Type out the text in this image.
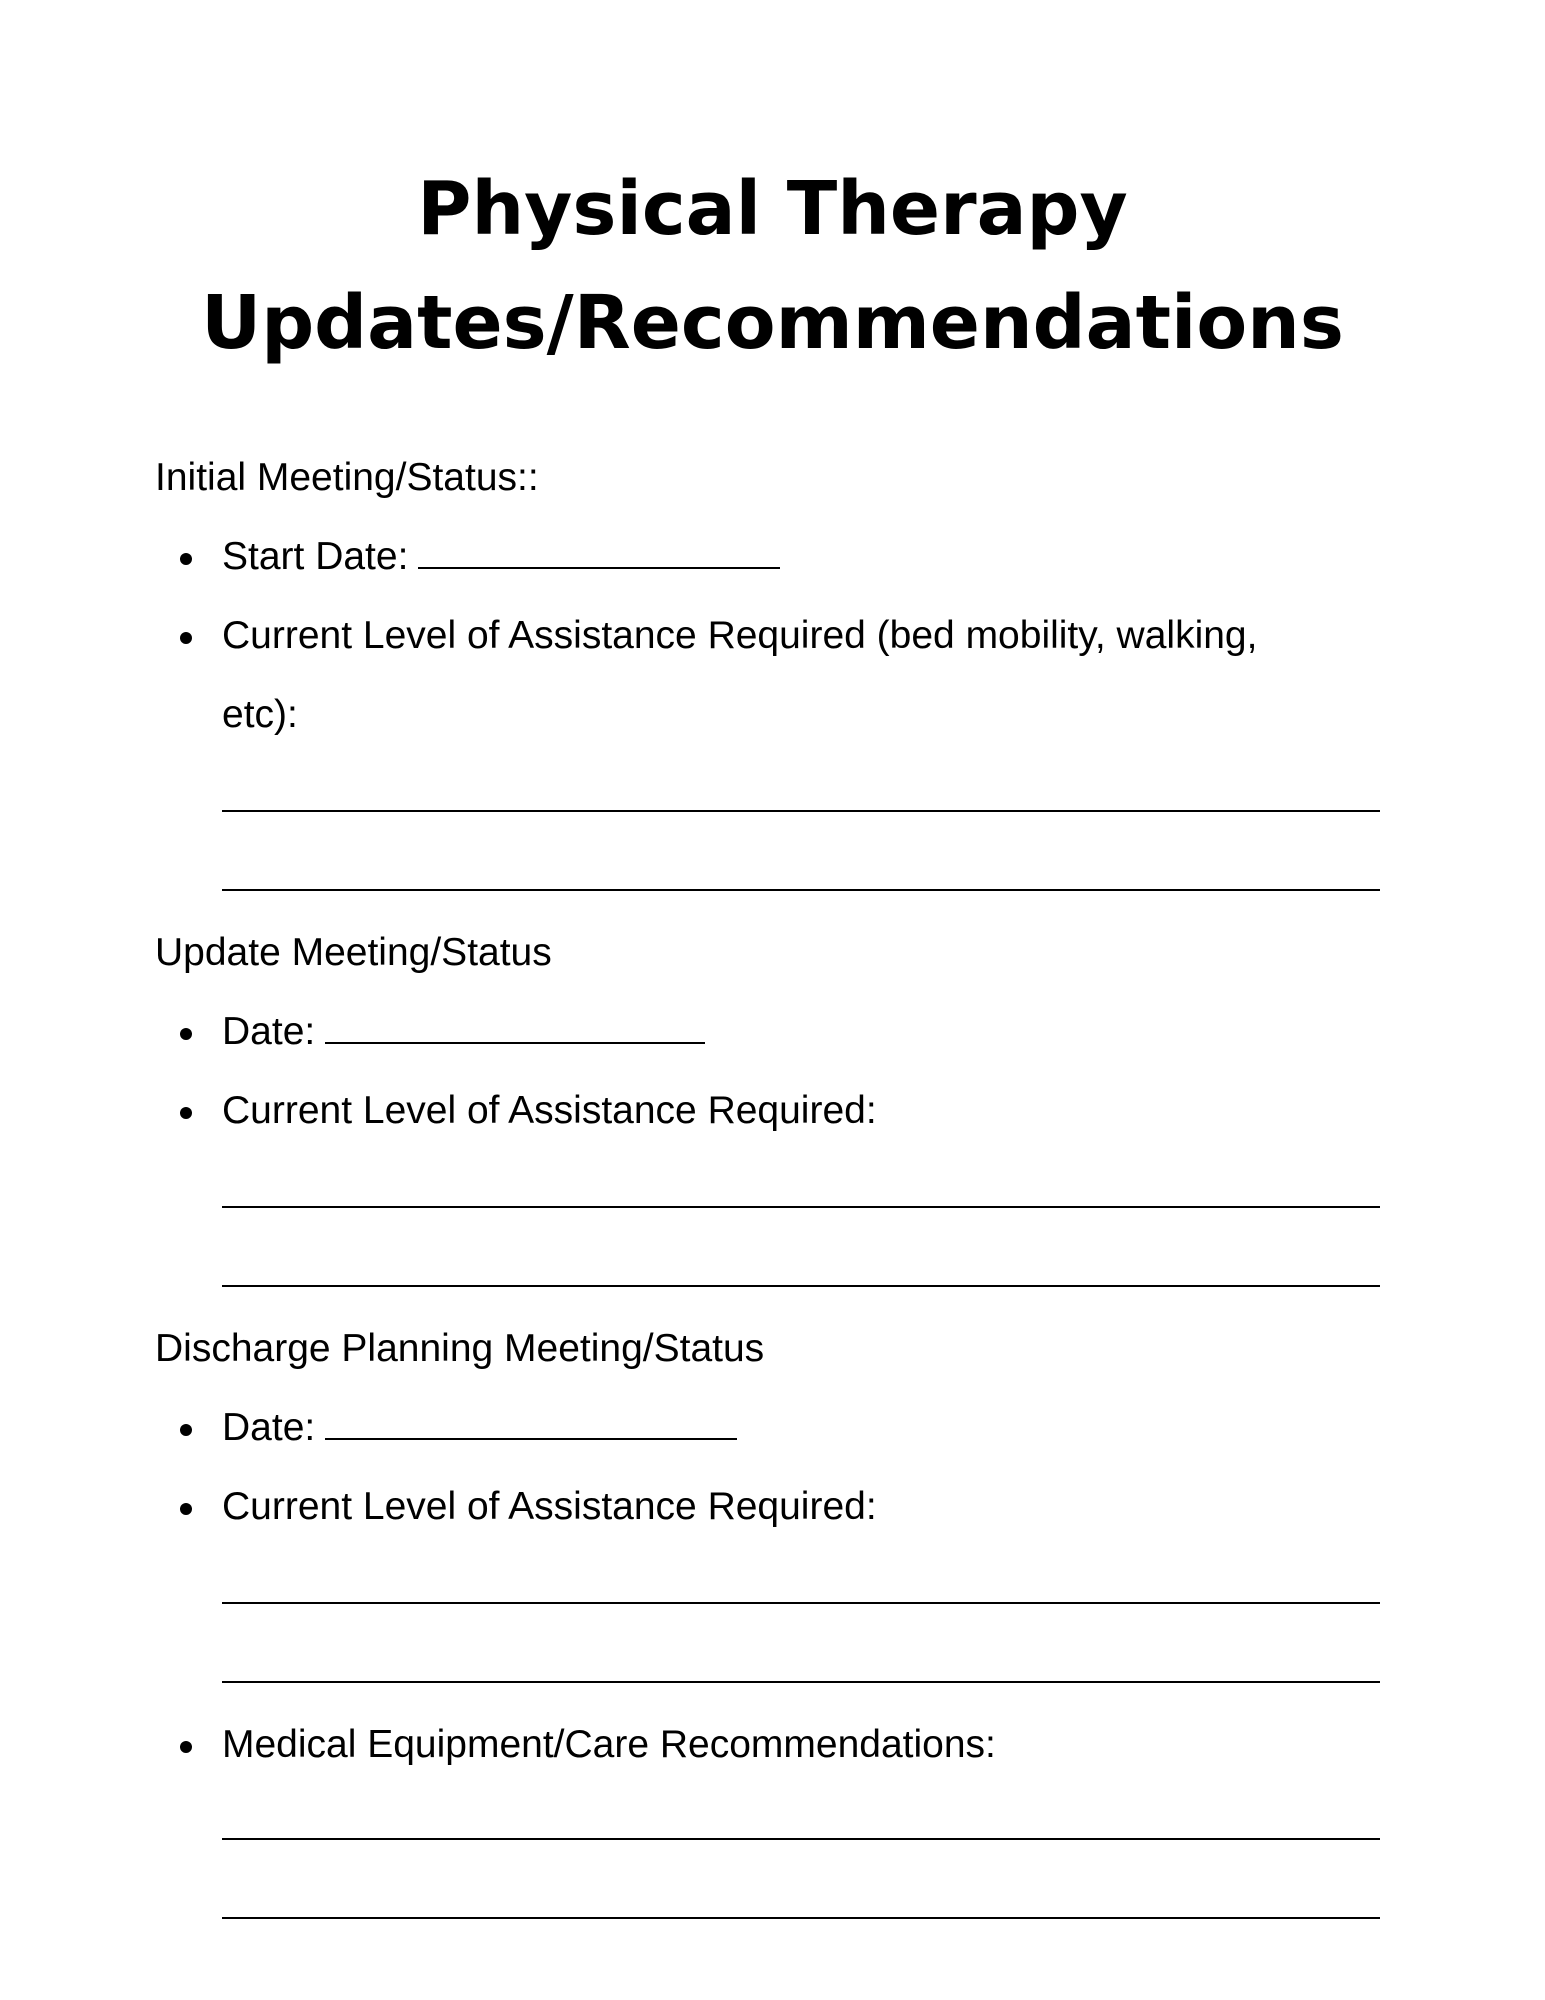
Physical Therapy
Updates/Recommendations
Initial Meeting/Status::
Start Date:
Current Level of Assistance Required (bed mobility, walking,
etc):
Update Meeting/Status
Date:
Current Level of Assistance Required:
Discharge Planning Meeting/Status
Date:
Current Level of Assistance Required:
Medical Equipment/Care Recommendations:
